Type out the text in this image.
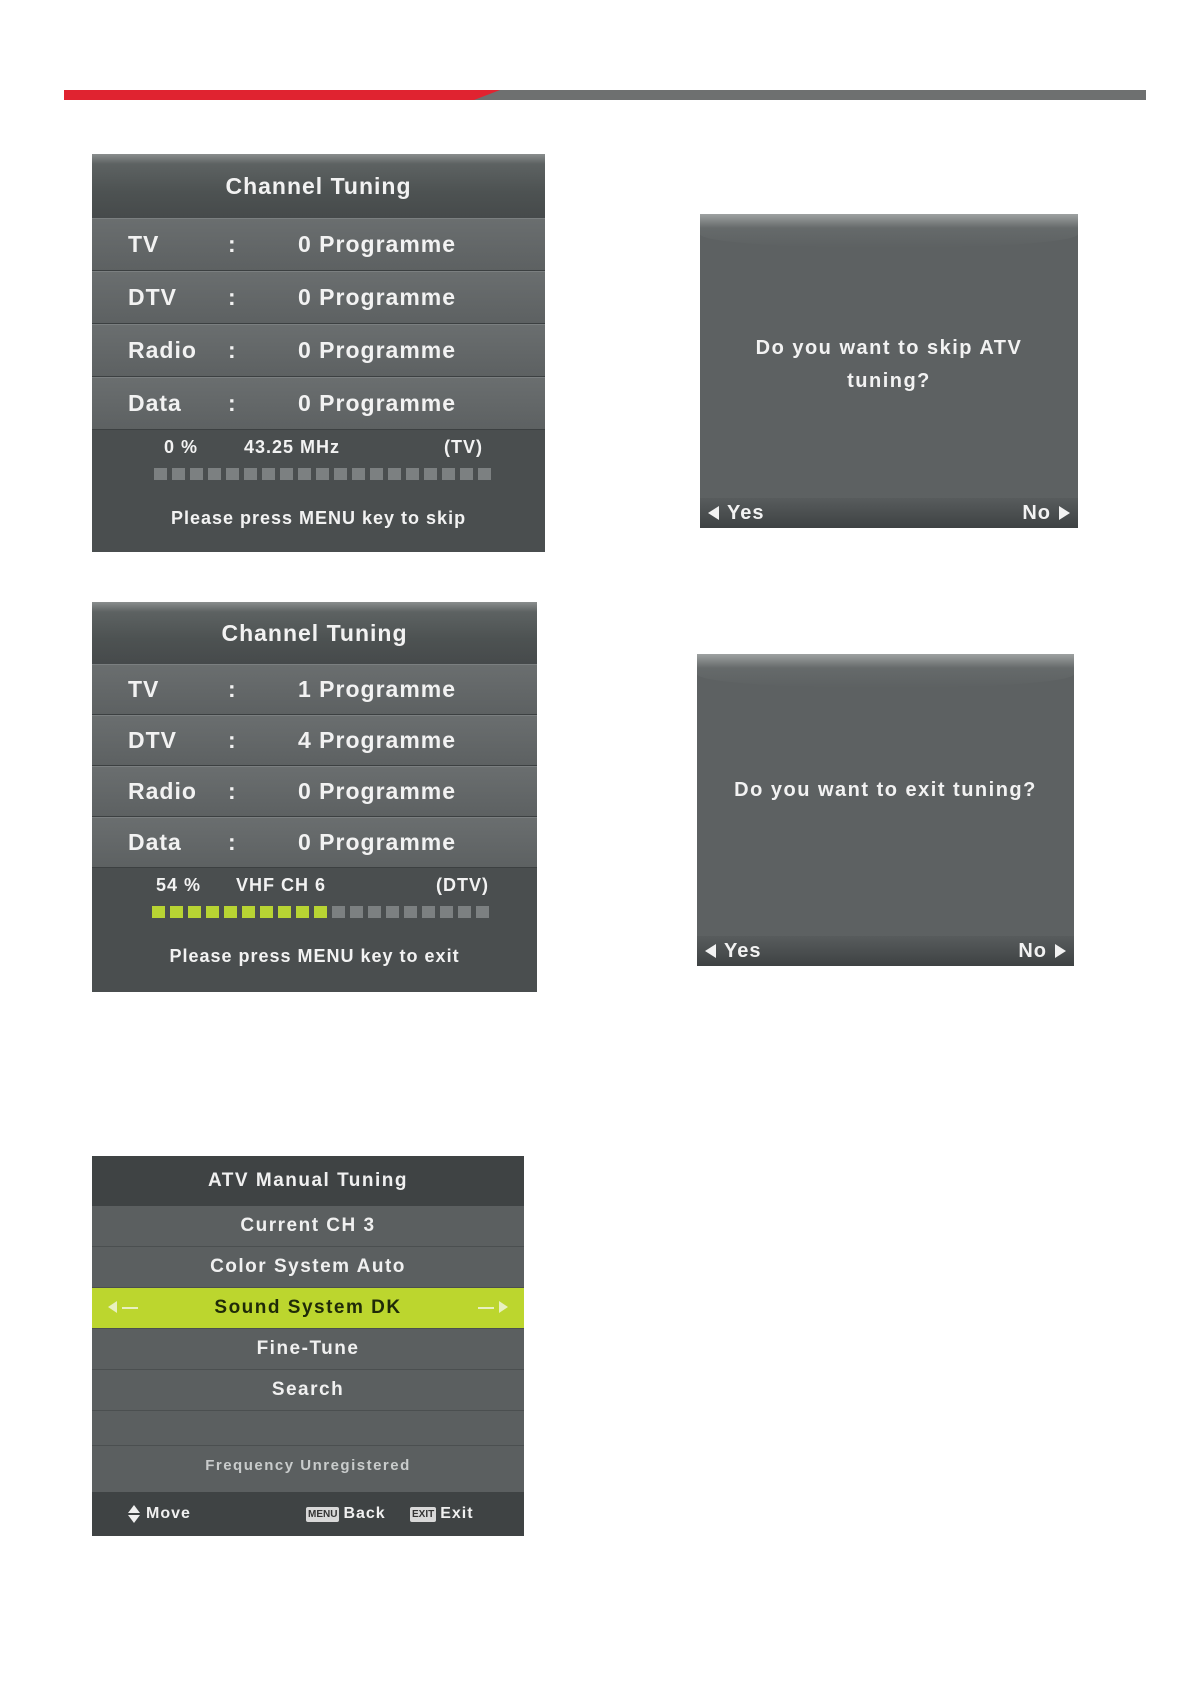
Channel Tuning
TV	:	0 Programme
DTV	:	0 Programme
Radio	:	0 Programme
Data	:	0 Programme
0 %	43.25 MHz	(TV)
Please press MENU key to skip
Channel Tuning
TV	:	1 Programme
DTV	:	4 Programme
Radio	:	0 Programme
Data	:	0 Programme
54 %	VHF CH 6	(DTV)
Please press MENU key to exit
Do you want to skip ATV
tuning?
Yes	No
Do you want to exit tuning?
Yes	No
ATV Manual Tuning
Current CH 3
Color System Auto
Sound System DK
Fine-Tune
Search
Frequency Unregistered
Move	MENU Back	EXIT Exit
